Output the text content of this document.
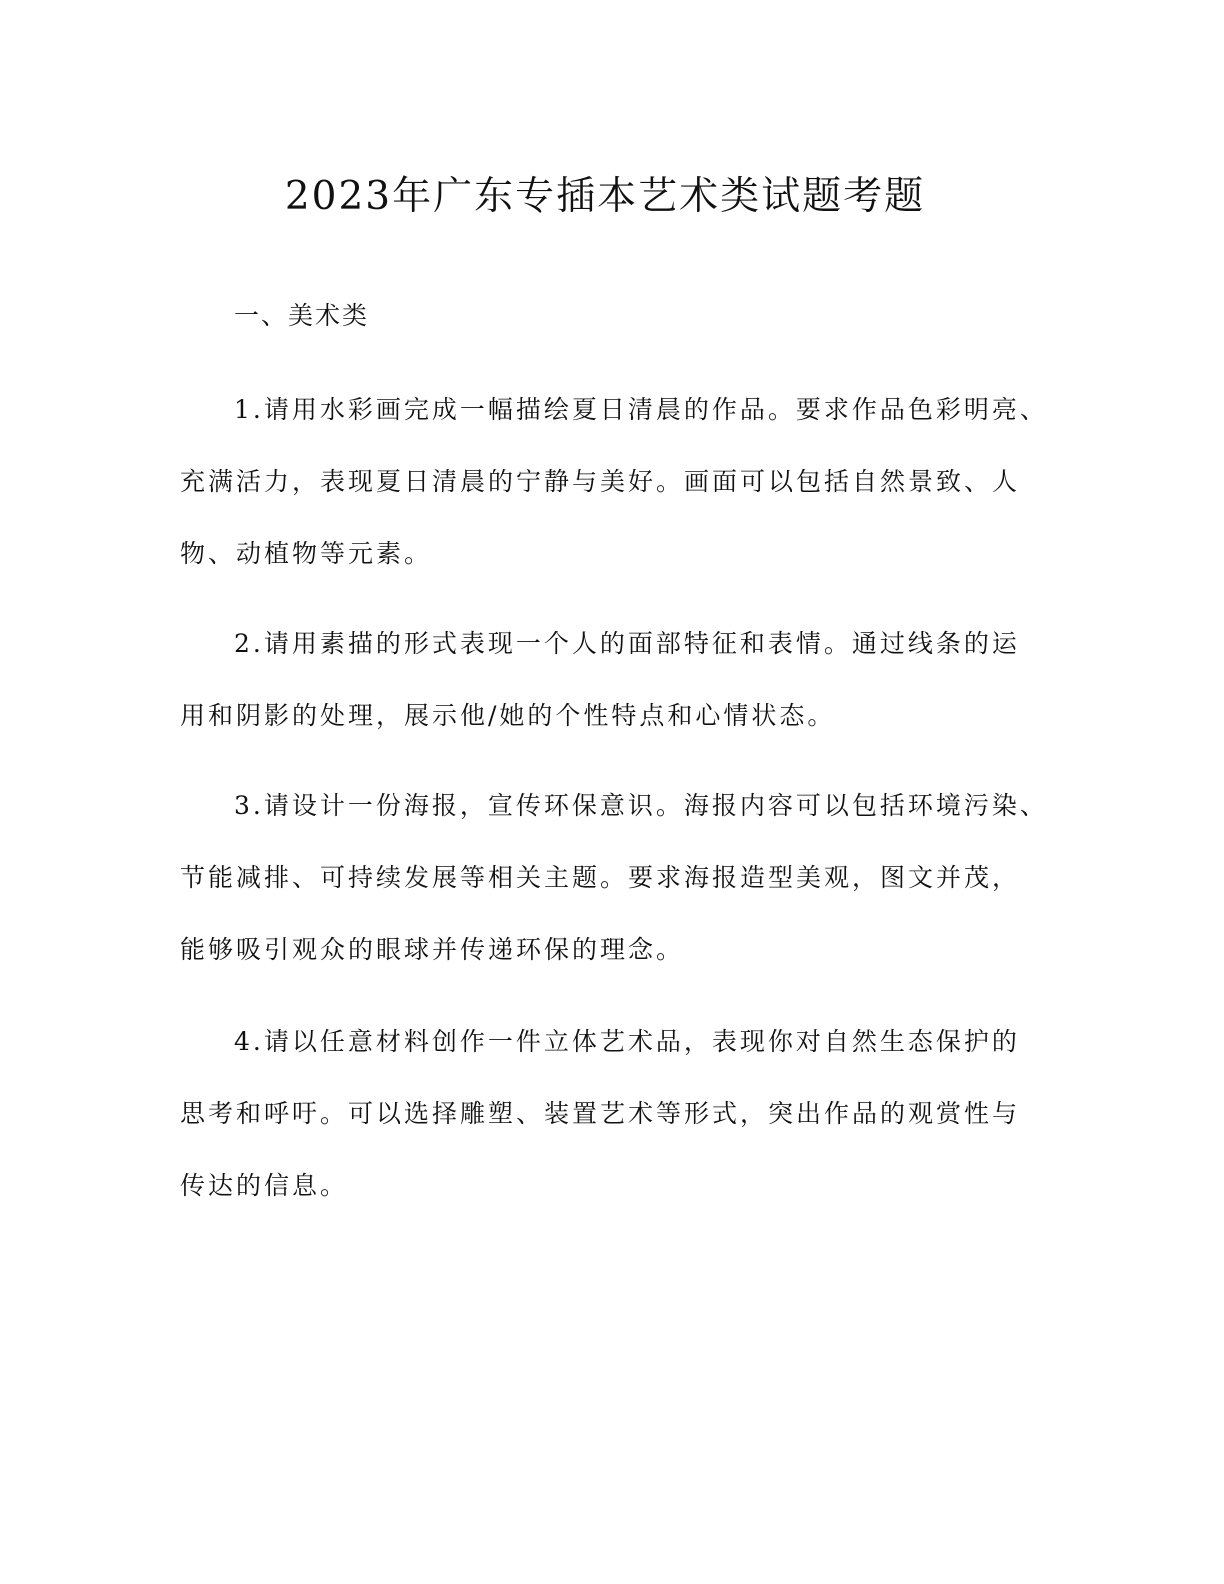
2023年广东专插本艺术类试题考题
一、美术类
1.请用水彩画完成一幅描绘夏日清晨的作品。要求作品色彩明亮、
充满活力，表现夏日清晨的宁静与美好。画面可以包括自然景致、人
物、动植物等元素。
2.请用素描的形式表现一个人的面部特征和表情。通过线条的运
用和阴影的处理，展示他/她的个性特点和心情状态。
3.请设计一份海报，宣传环保意识。海报内容可以包括环境污染、
节能减排、可持续发展等相关主题。要求海报造型美观，图文并茂，
能够吸引观众的眼球并传递环保的理念。
4.请以任意材料创作一件立体艺术品，表现你对自然生态保护的
思考和呼吁。可以选择雕塑、装置艺术等形式，突出作品的观赏性与
传达的信息。
